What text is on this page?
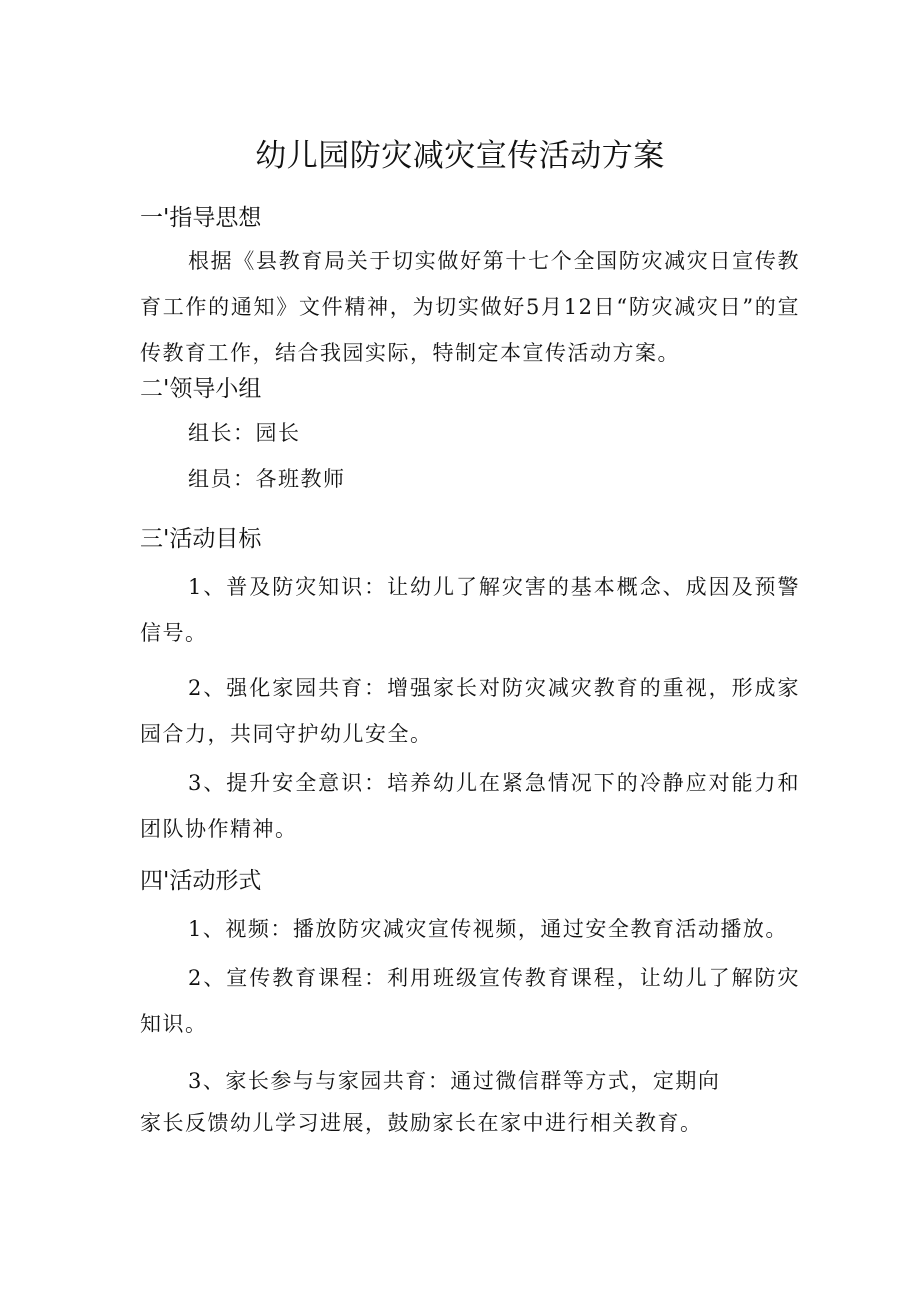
幼儿园防灾减灾宣传活动方案
一'指导思想
根据《县教育局关于切实做好第十七个全国防灾减灾日宣传教育工作的通知》文件精神，为切实做好5月12日“防灾减灾日”的宣传教育工作，结合我园实际，特制定本宣传活动方案。
二'领导小组
组长：园长
组员：各班教师
三'活动目标
1、普及防灾知识：让幼儿了解灾害的基本概念、成因及预警信号。
2、强化家园共育：增强家长对防灾减灾教育的重视，形成家园合力，共同守护幼儿安全。
3、提升安全意识：培养幼儿在紧急情况下的冷静应对能力和团队协作精神。
四'活动形式
1、视频：播放防灾减灾宣传视频，通过安全教育活动播放。
2、宣传教育课程：利用班级宣传教育课程，让幼儿了解防灾知识。
3、家长参与与家园共育：通过微信群等方式，定期向
家长反馈幼儿学习进展，鼓励家长在家中进行相关教育。
